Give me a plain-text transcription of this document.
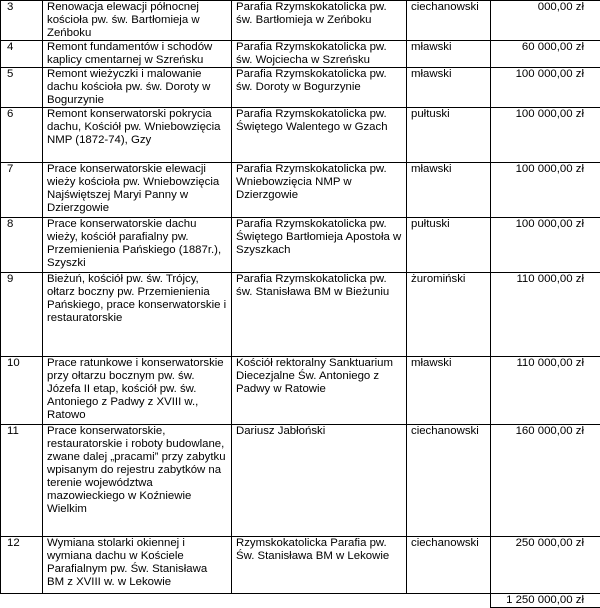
3	Renowacja elewacji północnej kościoła pw. św. Bartłomieja w Zeńboku	Parafia Rzymskokatolicka pw. św. Bartłomieja w Zeńboku	ciechanowski	000,00 zł
4	Remont fundamentów i schodów kaplicy cmentarnej w Szreńsku	Parafia Rzymskokatolicka pw. św. Wojciecha w Szreńsku	mławski	60 000,00 zł
5	Remont wieżyczki i malowanie dachu kościoła pw. św. Doroty w Bogurzynie	Parafia Rzymskokatolicka pw. św. Doroty w Bogurzynie	mławski	100 000,00 zł
6	Remont konserwatorski pokrycia dachu, Kościół pw. Wniebowzięcia NMP (1872-74), Gzy	Parafia Rzymskokatolicka pw. Świętego Walentego w Gzach	pułtuski	100 000,00 zł
7	Prace konserwatorskie elewacji wieży kościoła pw. Wniebowzięcia Najświętszej Maryi Panny w Dzierzgowie	Parafia Rzymskokatolicka pw. Wniebowzięcia NMP w Dzierzgowie	mławski	100 000,00 zł
8	Prace konserwatorskie dachu wieży, kościół parafialny pw. Przemienienia Pańskiego (1887r.), Szyszki	Parafia Rzymskokatolicka pw. Świętego Bartłomieja Apostoła w Szyszkach	pułtuski	100 000,00 zł
9	Bieżuń, kościół pw. św. Trójcy, ołtarz boczny pw. Przemienienia Pańskiego, prace konserwatorskie i restauratorskie	Parafia Rzymskokatolicka pw. św. Stanisława BM w Bieżuniu	żuromiński	110 000,00 zł
10	Prace ratunkowe i konserwatorskie przy ołtarzu bocznym pw. św. Józefa II etap, kościół pw. św. Antoniego z Padwy z XVIII w., Ratowo	Kościół rektoralny Sanktuarium Diecezjalne Św. Antoniego z Padwy w Ratowie	mławski	110 000,00 zł
11	Prace konserwatorskie, restauratorskie i roboty budowlane, zwane dalej „pracami” przy zabytku wpisanym do rejestru zabytków na terenie województwa mazowieckiego w Koźniewie Wielkim	Dariusz Jabłoński	ciechanowski	160 000,00 zł
12	Wymiana stolarki okiennej i wymiana dachu w Kościele Parafialnym pw. Św. Stanisława BM z XVIII w. w Lekowie	Rzymskokatolicka Parafia pw. Św. Stanisława BM w Lekowie	ciechanowski	250 000,00 zł
				1 250 000,00 zł
